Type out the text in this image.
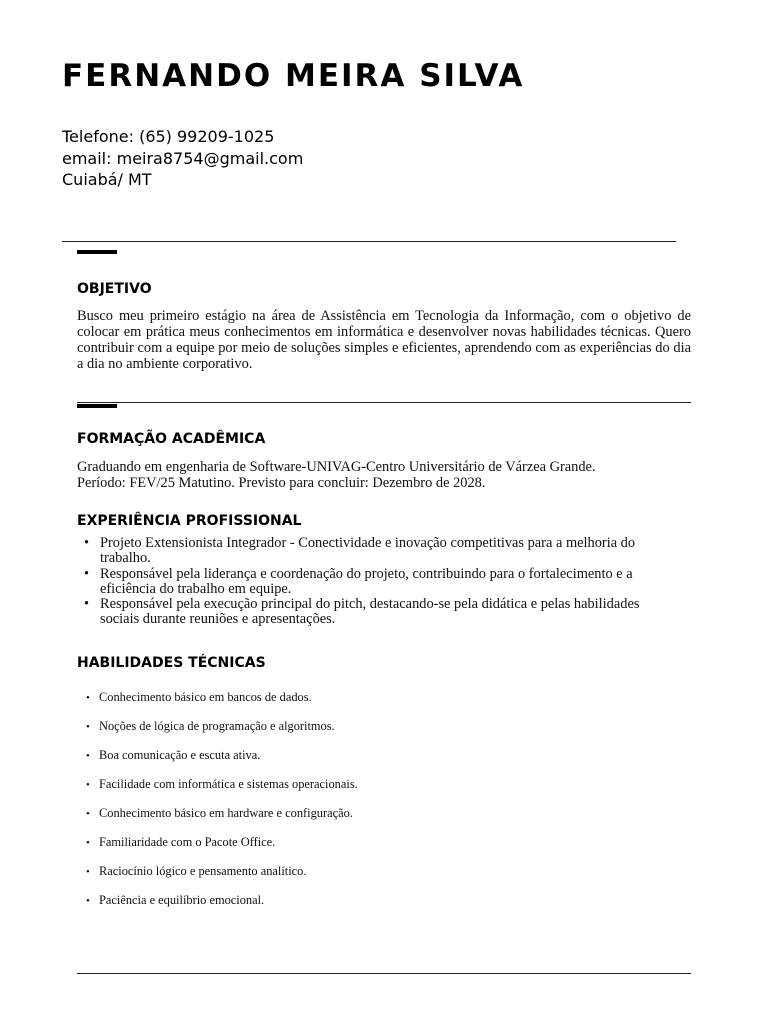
FERNANDO MEIRA SILVA
Telefone: (65) 99209-1025
email: meira8754@gmail.com
Cuiabá/ MT
OBJETIVO
Busco meu primeiro estágio na área de Assistência em Tecnologia da Informação, com o objetivo de colocar em prática meus conhecimentos em informática e desenvolver novas habilidades técnicas. Quero contribuir com a equipe por meio de soluções simples e eficientes, aprendendo com as experiências do dia a dia no ambiente corporativo.
FORMAÇÃO ACADÊMICA
Graduando em engenharia de Software-UNIVAG-Centro Universitário de Várzea Grande.
Período: FEV/25 Matutino. Previsto para concluir: Dezembro de 2028.
EXPERIÊNCIA PROFISSIONAL
• Projeto Extensionista Integrador - Conectividade e inovação competitivas para a melhoria do trabalho.
• Responsável pela liderança e coordenação do projeto, contribuindo para o fortalecimento e a eficiência do trabalho em equipe.
• Responsável pela execução principal do pitch, destacando-se pela didática e pelas habilidades sociais durante reuniões e apresentações.
HABILIDADES TÉCNICAS
• Conhecimento básico em bancos de dados.
• Noções de lógica de programação e algoritmos.
• Boa comunicação e escuta ativa.
• Facilidade com informática e sistemas operacionais.
• Conhecimento básico em hardware e configuração.
• Familiaridade com o Pacote Office.
• Raciocínio lógico e pensamento analítico.
• Paciência e equilíbrio emocional.
